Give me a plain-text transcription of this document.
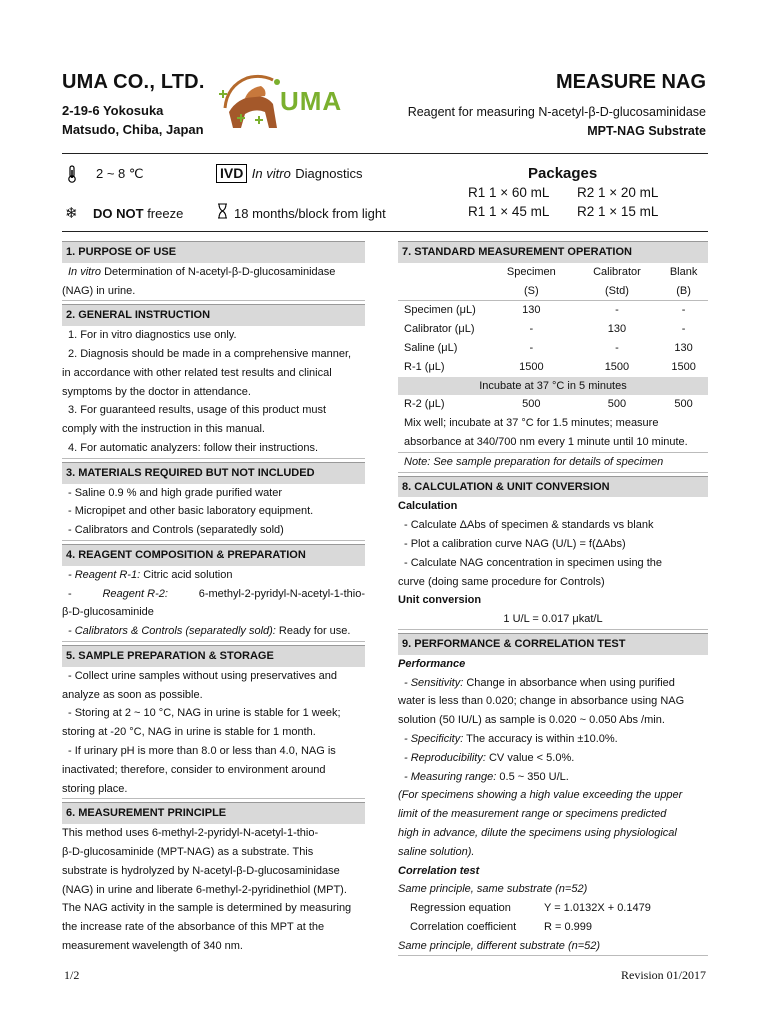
UMA CO., LTD.
2-19-6 Yokosuka
Matsudo, Chiba, Japan
UMA
MEASURE NAG
Reagent for measuring N-acetyl-β-D-glucosaminidase
MPT-NAG Substrate
2 ~ 8 ℃	IVD In vitro Diagnostics
❄ DO NOT freeze	18 months/block from light
Packages
R1 1 × 60 mL R2 1 × 20 mL
R1 1 × 45 mL R2 1 × 15 mL
1. PURPOSE OF USE
In vitro Determination of N-acetyl-β-D-glucosaminidase
(NAG) in urine.
2. GENERAL INSTRUCTION
1. For in vitro diagnostics use only.
2. Diagnosis should be made in a comprehensive manner,
in accordance with other related test results and clinical
symptoms by the doctor in attendance.
3. For guaranteed results, usage of this product must
comply with the instruction in this manual.
4. For automatic analyzers: follow their instructions.
3. MATERIALS REQUIRED BUT NOT INCLUDED
- Saline 0.9 % and high grade purified water
- Micropipet and other basic laboratory equipment.
- Calibrators and Controls (separatedly sold)
4. REAGENT COMPOSITION & PREPARATION
- Reagent R-1: Citric acid solution
-	Reagent R-2:	6-methyl-2-pyridyl-N-acetyl-1-thio-
β-D-glucosaminide
- Calibrators & Controls (separatedly sold): Ready for use.
5. SAMPLE PREPARATION & STORAGE
- Collect urine samples without using preservatives and
analyze as soon as possible.
- Storing at 2 ~ 10 °C, NAG in urine is stable for 1 week;
storing at -20 °C, NAG in urine is stable for 1 month.
- If urinary pH is more than 8.0 or less than 4.0, NAG is
inactivated; therefore, consider to environment around
storing place.
6. MEASUREMENT PRINCIPLE
This method uses 6-methyl-2-pyridyl-N-acetyl-1-thio-
β-D-glucosaminide (MPT-NAG) as a substrate. This
substrate is hydrolyzed by N-acetyl-β-D-glucosaminidase
(NAG) in urine and liberate 6-methyl-2-pyridinethiol (MPT).
The NAG activity in the sample is determined by measuring
the increase rate of the absorbance of this MPT at the
measurement wavelength of 340 nm.
7. STANDARD MEASUREMENT OPERATION
	Specimen	Calibrator	Blank
	(S)	(Std)	(B)
Specimen (μL)	130	-	-
Calibrator (μL)	-	130	-
Saline (μL)	-	-	130
R-1 (μL)	1500	1500	1500
Incubate at 37 °C in 5 minutes			
R-2 (μL)	500	500	500
Mix well; incubate at 37 °C for 1.5 minutes; measure
absorbance at 340/700 nm every 1 minute until 10 minute.
Note: See sample preparation for details of specimen
8. CALCULATION & UNIT CONVERSION
Calculation
- Calculate ΔAbs of specimen & standards vs blank
- Plot a calibration curve NAG (U/L) = f(ΔAbs)
- Calculate NAG concentration in specimen using the
curve (doing same procedure for Controls)
Unit conversion
1 U/L = 0.017 μkat/L
9. PERFORMANCE & CORRELATION TEST
Performance
- Sensitivity: Change in absorbance when using purified
water is less than 0.020; change in absorbance using NAG
solution (50 IU/L) as sample is 0.020 ~ 0.050 Abs /min.
- Specificity: The accuracy is within ±10.0%.
- Reproducibility: CV value < 5.0%.
- Measuring range: 0.5 ~ 350 U/L.
(For specimens showing a high value exceeding the upper
limit of the measurement range or specimens predicted
high in advance, dilute the specimens using physiological
saline solution).
Correlation test
Same principle, same substrate (n=52)
Regression equation	Y = 1.0132X + 0.1479
Correlation coefficient	R = 0.999
Same principle, different substrate (n=52)
1/2	Revision 01/2017
